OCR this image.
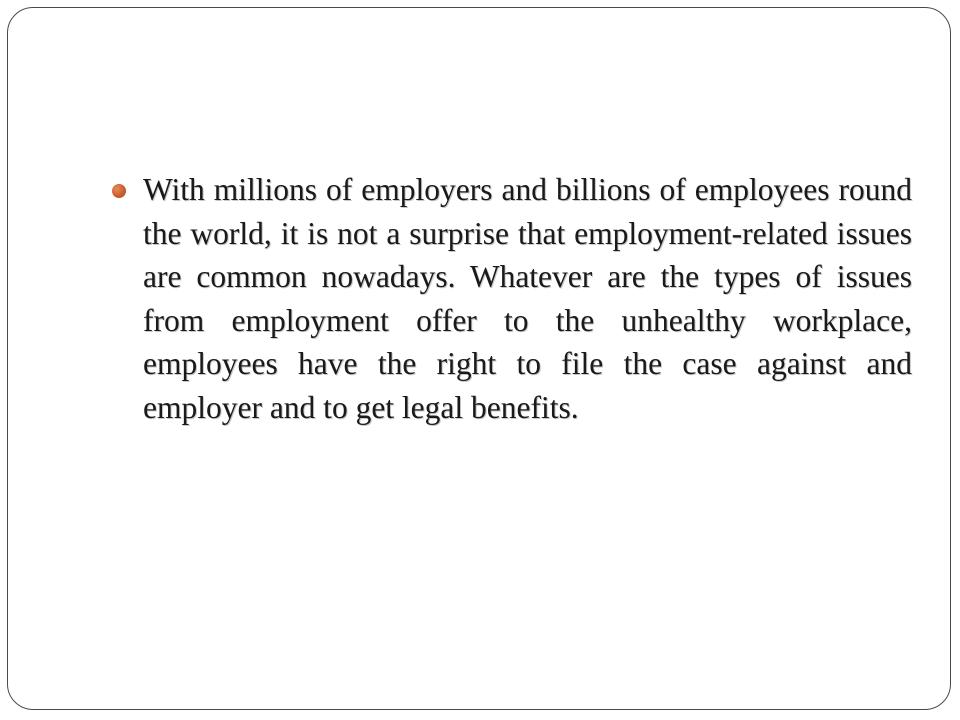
With millions of employers and billions of employees round the world, it is not a surprise that employment-related issues are common nowadays. Whatever are the types of issues from employment offer to the unhealthy workplace, employees have the right to file the case against and employer and to get legal benefits.
